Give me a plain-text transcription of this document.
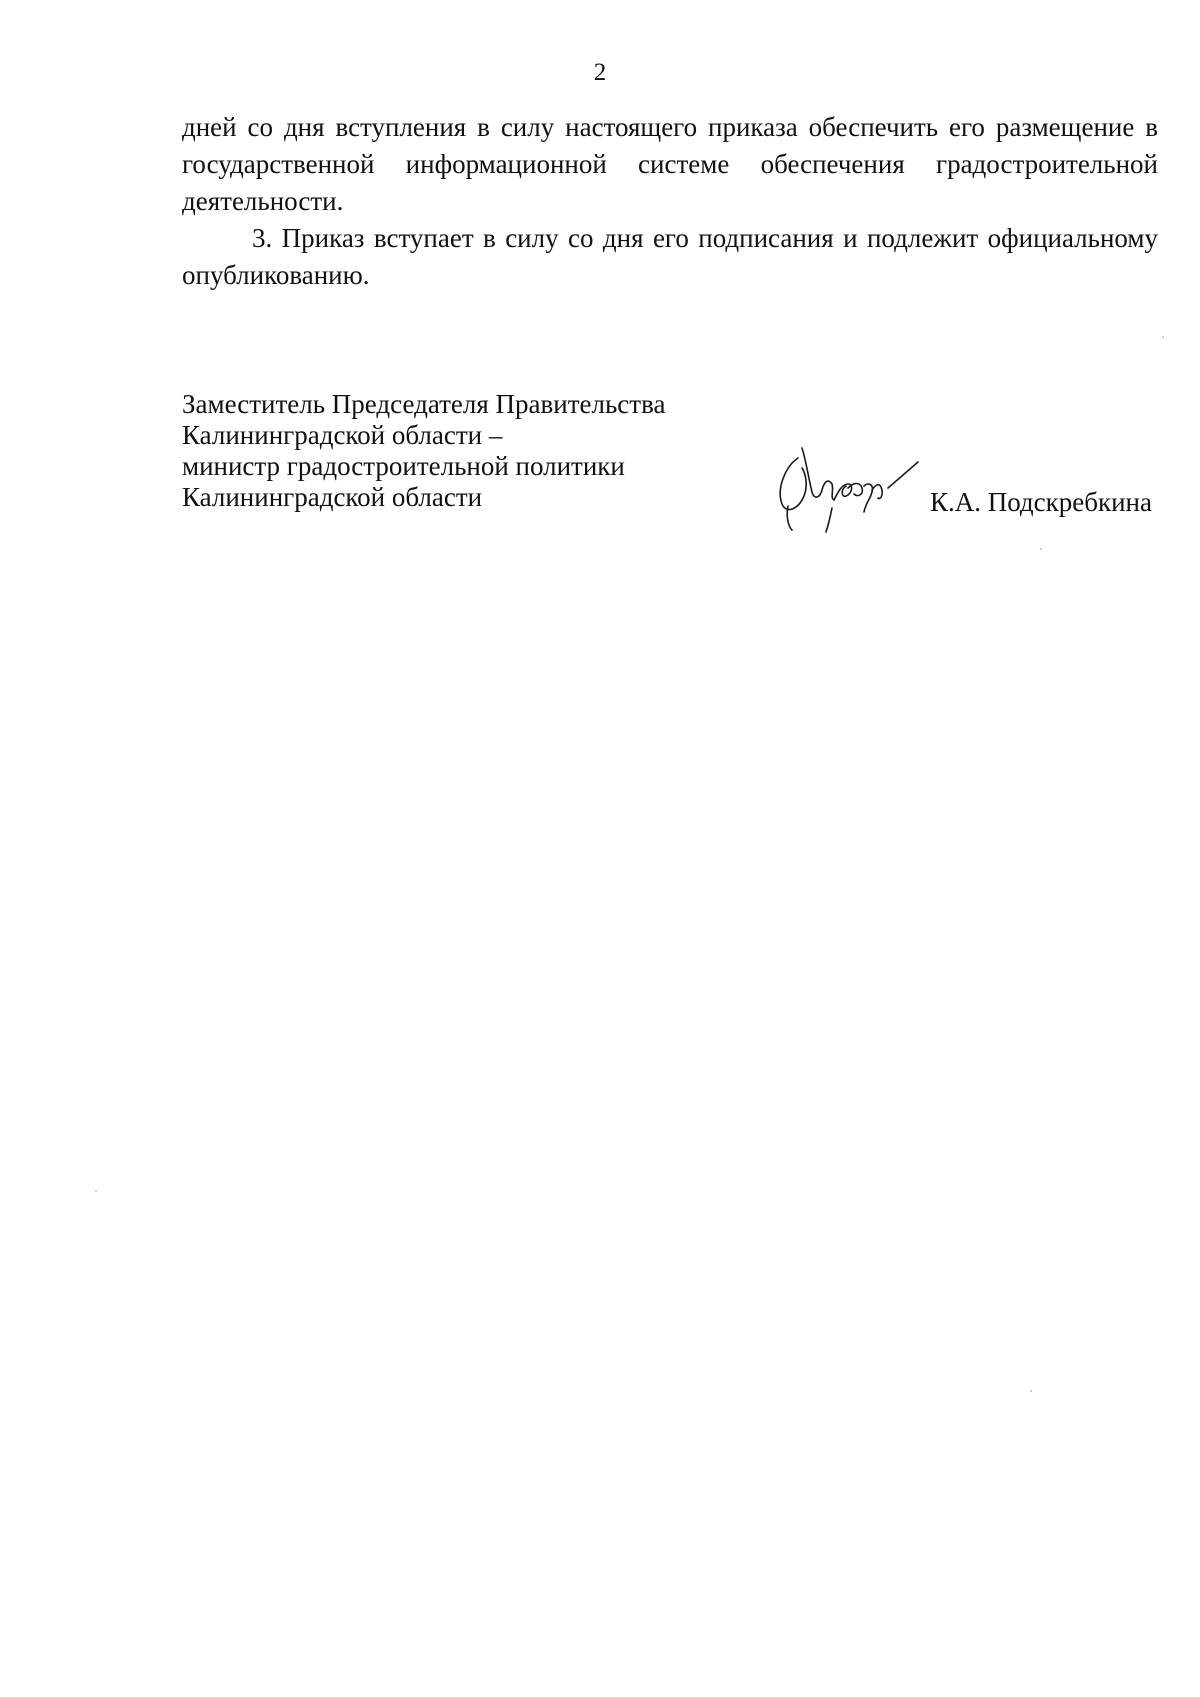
2

дней со дня вступления в силу настоящего приказа обеспечить его размещение в государственной информационной системе обеспечения градостроительной деятельности.

3. Приказ вступает в силу со дня его подписания и подлежит официальному опубликованию.

Заместитель Председателя Правительства
Калининградской области –
министр градостроительной политики
Калининградской области	К.А. Подскребкина
